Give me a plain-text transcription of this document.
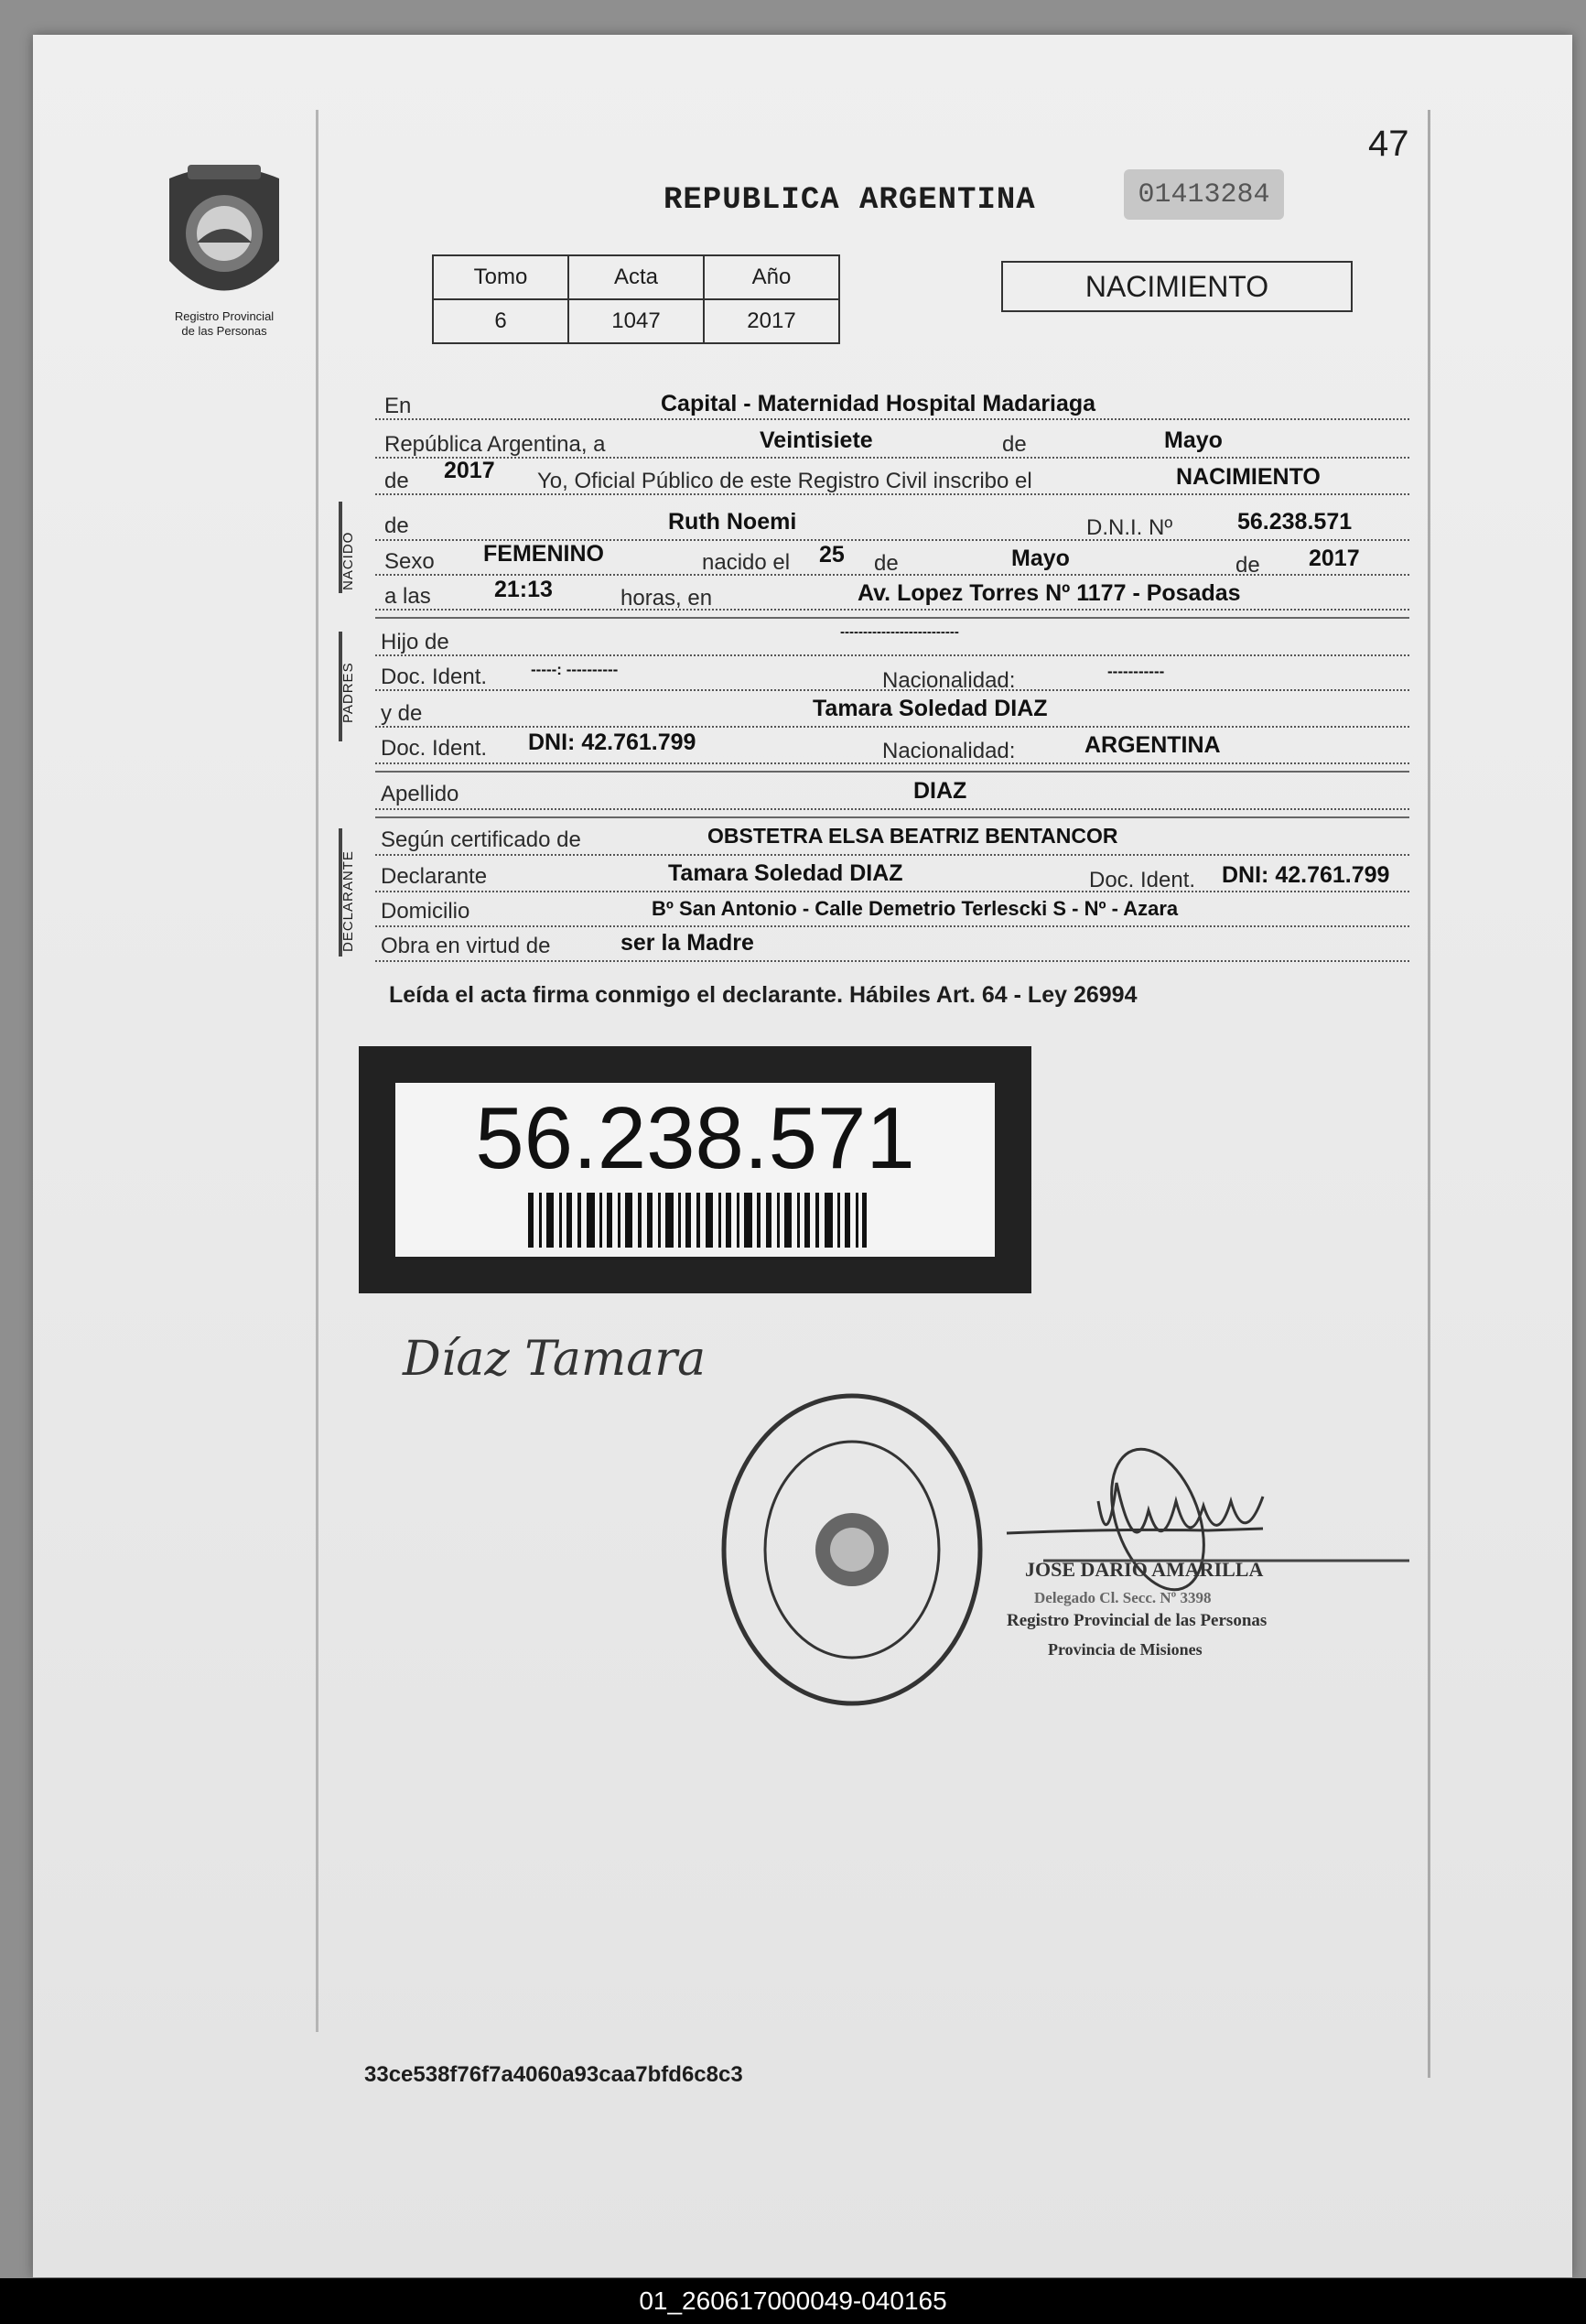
47
Registro Provincial
de las Personas
REPUBLICA ARGENTINA	01413284
Tomo	Acta	Año
6	1047	2017
NACIMIENTO
NACIDO
PADRES
DECLARANTE
En	Capital - Maternidad Hospital Madariaga
República Argentina, a	Veintisiete	de	Mayo
de 2017 Yo, Oficial Público de este Registro Civil inscribo el	NACIMIENTO
de	Ruth Noemi	D.N.I. Nº	56.238.571
Sexo FEMENINO	nacido el 25 de	Mayo	de 2017
a las	21:13	horas, en	Av. Lopez Torres Nº 1177 - Posadas
Hijo de	--------------------------
Doc. Ident.	-----: ----------	Nacionalidad:	-----------
y de	Tamara Soledad DIAZ
Doc. Ident. DNI: 42.761.799	Nacionalidad:	ARGENTINA
Apellido	DIAZ
Según certificado de	OBSTETRA ELSA BEATRIZ BENTANCOR
Declarante	Tamara Soledad DIAZ	Doc. Ident. DNI: 42.761.799
Domicilio	Bº San Antonio - Calle Demetrio Terlescki S - Nº - Azara
Obra en virtud de	ser la Madre
Leída el acta firma conmigo el declarante. Hábiles Art. 64 - Ley 26994
56.238.571
Díaz Tamara
JOSE DARIO AMARILLA
Delegado Cl. Secc. Nº 3398
Registro Provincial de las Personas
Provincia de Misiones
33ce538f76f7a4060a93caa7bfd6c8c3
01_260617000049-040165
